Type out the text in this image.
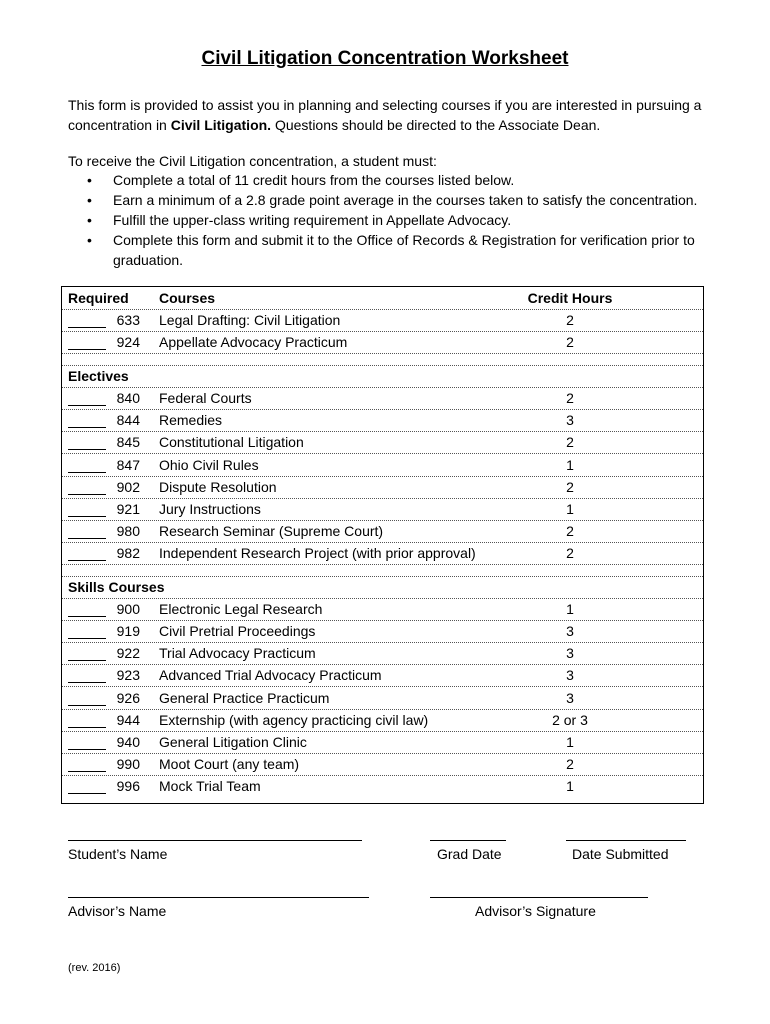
Civil Litigation Concentration Worksheet
This form is provided to assist you in planning and selecting courses if you are interested in pursuing a concentration in Civil Litigation. Questions should be directed to the Associate Dean.
To receive the Civil Litigation concentration, a student must:
• Complete a total of 11 credit hours from the courses listed below.
• Earn a minimum of a 2.8 grade point average in the courses taken to satisfy the concentration.
• Fulfill the upper-class writing requirement in Appellate Advocacy.
• Complete this form and submit it to the Office of Records & Registration for verification prior to graduation.
Required Courses	Credit Hours
633 Legal Drafting: Civil Litigation	2
924 Appellate Advocacy Practicum	2
Electives
840 Federal Courts	2
844 Remedies	3
845 Constitutional Litigation	2
847 Ohio Civil Rules	1
902 Dispute Resolution	2
921 Jury Instructions	1
980 Research Seminar (Supreme Court)	2
982 Independent Research Project (with prior approval)	2
Skills Courses
900 Electronic Legal Research	1
919 Civil Pretrial Proceedings	3
922 Trial Advocacy Practicum	3
923 Advanced Trial Advocacy Practicum	3
926 General Practice Practicum	3
944 Externship (with agency practicing civil law)	2 or 3
940 General Litigation Clinic	1
990 Moot Court (any team)	2
996 Mock Trial Team	1
Student’s Name	Grad Date	Date Submitted
Advisor’s Name	Advisor’s Signature
(rev. 2016)
